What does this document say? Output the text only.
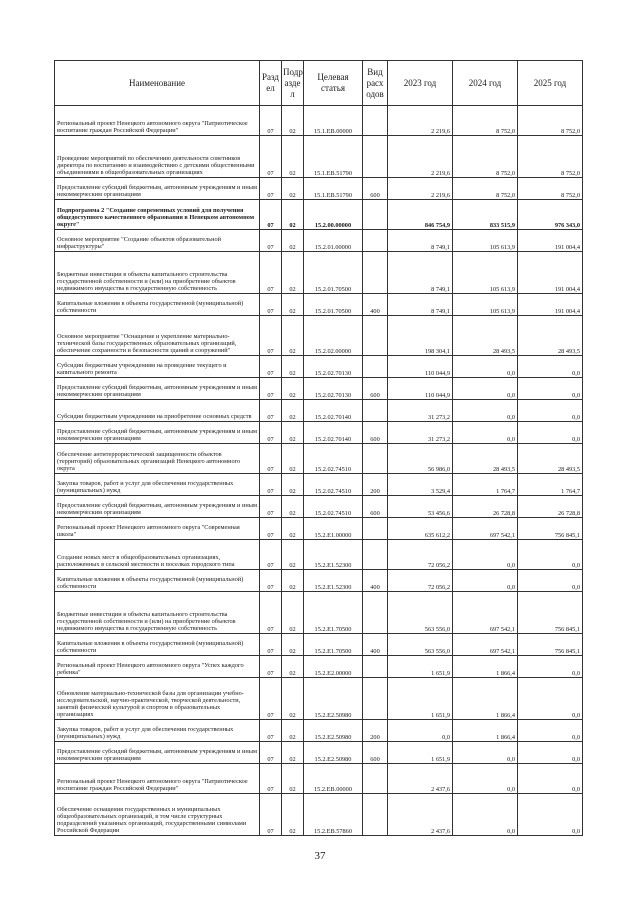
Наименование	Разд ел	Подр азде л	Целевая статья	Вид расх одов	2023 год	2024 год	2025 год
Региональный проект Ненецкого автономного округа "Патриотическое воспитание граждан Российской Федерации"	07	02	15.1.EB.00000		2 219,6	8 752,0	8 752,0
Проведение мероприятий по обеспечению деятельности советников директора по воспитанию и взаимодействию с детскими общественными объединениями в общеобразовательных организациях	07	02	15.1.EB.51790		2 219,6	8 752,0	8 752,0
Предоставление субсидий бюджетным, автономным учреждениям и иным некоммерческим организациям	07	02	15.1.EB.51790	600	2 219,6	8 752,0	8 752,0
Подпрограмма 2 "Создание современных условий для получения общедоступного качественного образования в Ненецком автономном округе"	07	02	15.2.00.00000		846 754,9	833 515,9	976 343,0
Основное мероприятие "Создание объектов образовательной инфраструктуры"	07	02	15.2.01.00000		8 749,1	105 613,9	191 004,4
Бюджетные инвестиции в объекты капитального строительства государственной собственности и (или) на приобретение объектов недвижимого имущества в государственную собственность	07	02	15.2.01.70500		8 749,1	105 613,9	191 004,4
Капитальные вложения в объекты государственной (муниципальной) собственности	07	02	15.2.01.70500	400	8 749,1	105 613,9	191 004,4
Основное мероприятие "Оснащение и укрепление материально-технической базы государственных образовательных организаций, обеспечение сохранности и безопасности зданий и сооружений"	07	02	15.2.02.00000		198 304,1	28 493,5	28 493,5
Субсидии бюджетным учреждениям на проведение текущего и капитального ремонта	07	02	15.2.02.70130		110 044,9	0,0	0,0
Предоставление субсидий бюджетным, автономным учреждениям и иным некоммерческим организациям	07	02	15.2.02.70130	600	110 044,9	0,0	0,0
Субсидии бюджетным учреждениям на приобретение основных средств	07	02	15.2.02.70140		31 273,2	0,0	0,0
Предоставление субсидий бюджетным, автономным учреждениям и иным некоммерческим организациям	07	02	15.2.02.70140	600	31 273,2	0,0	0,0
Обеспечение антитеррористической защищенности объектов (территорий) образовательных организаций Ненецкого автономного округа	07	02	15.2.02.74510		56 986,0	28 493,5	28 493,5
Закупка товаров, работ и услуг для обеспечения государственных (муниципальных) нужд	07	02	15.2.02.74510	200	3 529,4	1 764,7	1 764,7
Предоставление субсидий бюджетным, автономным учреждениям и иным некоммерческим организациям	07	02	15.2.02.74510	600	53 456,6	26 728,8	26 728,8
Региональный проект Ненецкого автономного округа "Современная школа"	07	02	15.2.E1.00000		635 612,2	697 542,1	756 845,1
Создание новых мест в общеобразовательных организациях, расположенных в сельской местности и поселках городского типа	07	02	15.2.E1.52300		72 056,2	0,0	0,0
Капитальные вложения в объекты государственной (муниципальной) собственности	07	02	15.2.E1.52300	400	72 056,2	0,0	0,0
Бюджетные инвестиции в объекты капитального строительства государственной собственности и (или) на приобретение объектов недвижимого имущества в государственную собственность	07	02	15.2.E1.70500		563 556,0	697 542,1	756 845,1
Капитальные вложения в объекты государственной (муниципальной) собственности	07	02	15.2.E1.70500	400	563 556,0	697 542,1	756 845,1
Региональный проект Ненецкого автономного округа "Успех каждого ребенка"	07	02	15.2.E2.00000		1 651,9	1 866,4	0,0
Обновление материально-технической базы для организации учебно-исследовательской, научно-практической, творческой деятельности, занятий физической культурой и спортом в образовательных организациях	07	02	15.2.E2.50980		1 651,9	1 866,4	0,0
Закупка товаров, работ и услуг для обеспечения государственных (муниципальных) нужд	07	02	15.2.E2.50980	200	0,0	1 866,4	0,0
Предоставление субсидий бюджетным, автономным учреждениям и иным некоммерческим организациям	07	02	15.2.E2.50980	600	1 651,9	0,0	0,0
Региональный проект Ненецкого автономного округа "Патриотическое воспитание граждан Российской Федерации"	07	02	15.2.EB.00000		2 437,6	0,0	0,0
Обеспечение оснащения государственных и муниципальных общеобразовательных организаций, в том числе структурных подразделений указанных организаций, государственными символами Российской Федерации	07	02	15.2.EB.57860		2 437,6	0,0	0,0
37
